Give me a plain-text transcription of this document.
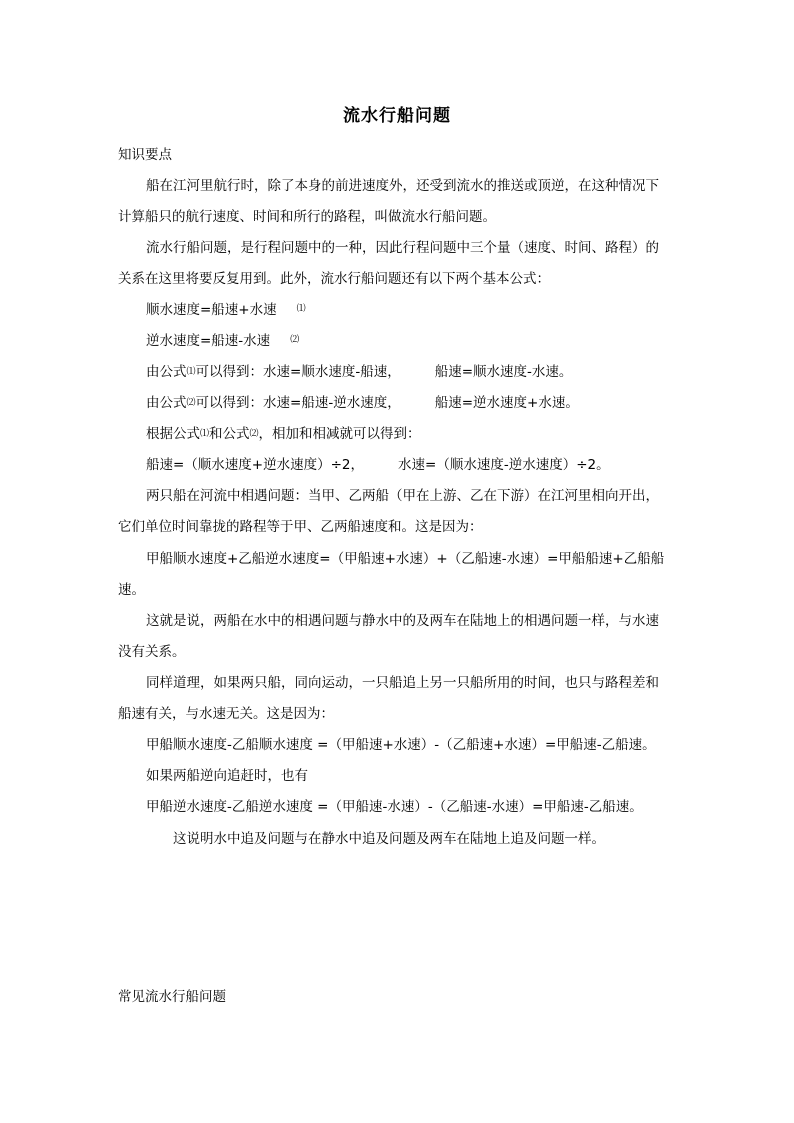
流水行船问题
知识要点
船在江河里航行时，除了本身的前进速度外，还受到流水的推送或顶逆，在这种情况下
计算船只的航行速度、时间和所行的路程，叫做流水行船问题。
流水行船问题，是行程问题中的一种，因此行程问题中三个量（速度、时间、路程）的
关系在这里将要反复用到。此外，流水行船问题还有以下两个基本公式：
顺水速度=船速+水速 ⑴
逆水速度=船速-水速 ⑵
由公式⑴可以得到：水速=顺水速度-船速，	船速=顺水速度-水速。
由公式⑵可以得到：水速=船速-逆水速度，	船速=逆水速度+水速。
根据公式⑴和公式⑵，相加和相减就可以得到：
船速=（顺水速度+逆水速度）÷2，	水速=（顺水速度-逆水速度）÷2。
两只船在河流中相遇问题：当甲、乙两船（甲在上游、乙在下游）在江河里相向开出，
它们单位时间靠拢的路程等于甲、乙两船速度和。这是因为：
甲船顺水速度+乙船逆水速度=（甲船速+水速）+（乙船速-水速）=甲船船速+乙船船
速。
这就是说，两船在水中的相遇问题与静水中的及两车在陆地上的相遇问题一样，与水速
没有关系。
同样道理，如果两只船，同向运动，一只船追上另一只船所用的时间，也只与路程差和
船速有关，与水速无关。这是因为：
甲船顺水速度-乙船顺水速度 =（甲船速+水速）-（乙船速+水速）=甲船速-乙船速。
如果两船逆向追赶时，也有
甲船逆水速度-乙船逆水速度 =（甲船速-水速）-（乙船速-水速）=甲船速-乙船速。
这说明水中追及问题与在静水中追及问题及两车在陆地上追及问题一样。
常见流水行船问题
